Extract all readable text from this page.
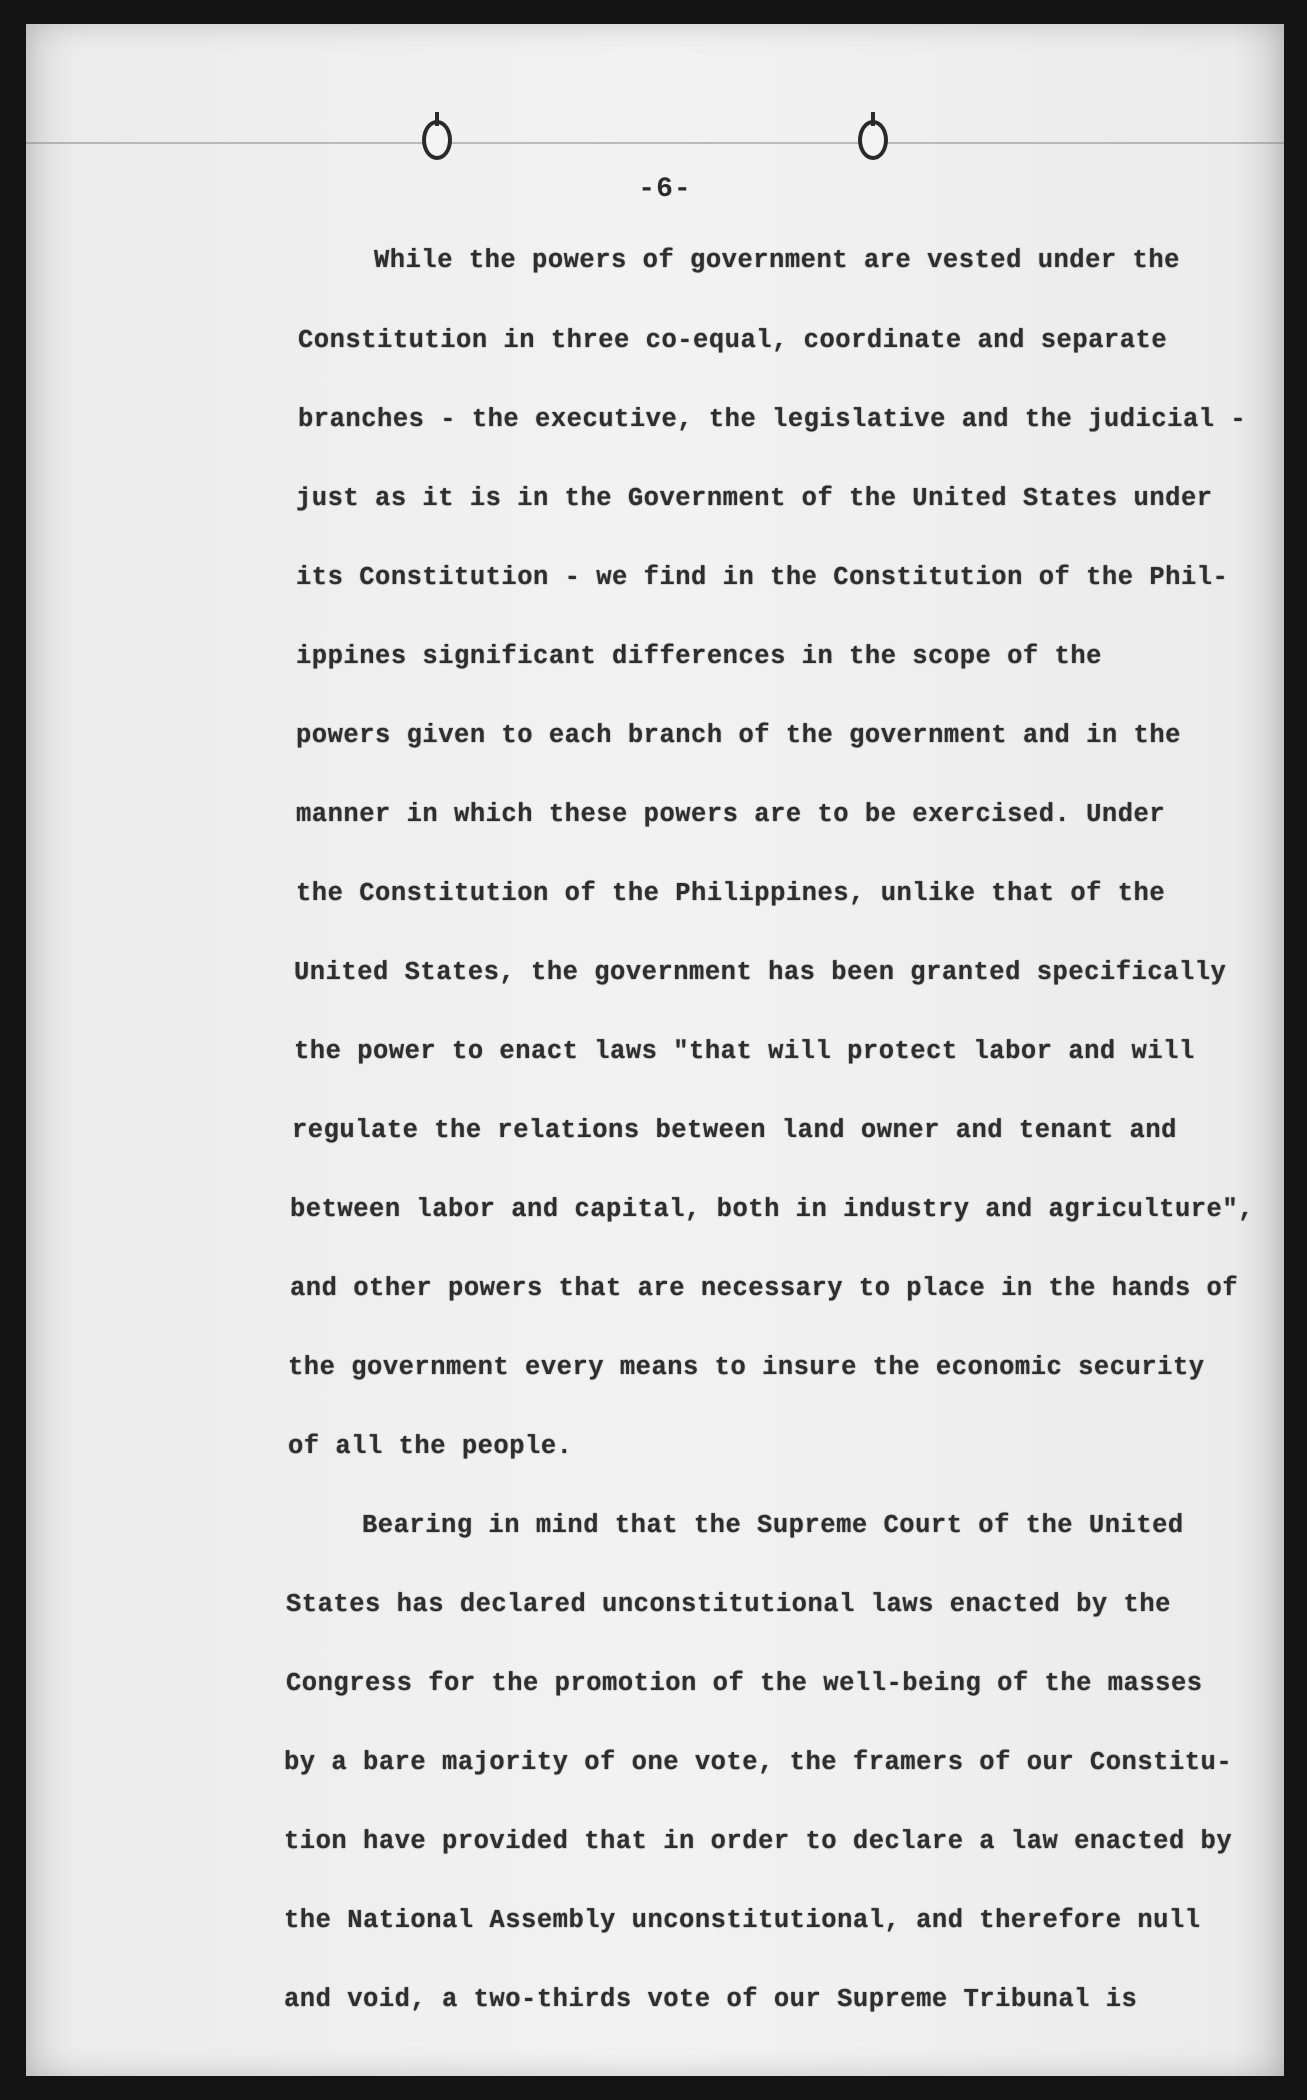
-6-
While the powers of government are vested under the
Constitution in three co-equal, coordinate and separate
branches - the executive, the legislative and the judicial -
just as it is in the Government of the United States under
its Constitution - we find in the Constitution of the Phil-
ippines significant differences in the scope of the
powers given to each branch of the government and in the
manner in which these powers are to be exercised. Under
the Constitution of the Philippines, unlike that of the
United States, the government has been granted specifically
the power to enact laws "that will protect labor and will
regulate the relations between land owner and tenant and
between labor and capital, both in industry and agriculture",
and other powers that are necessary to place in the hands of
the government every means to insure the economic security
of all the people.
Bearing in mind that the Supreme Court of the United
States has declared unconstitutional laws enacted by the
Congress for the promotion of the well-being of the masses
by a bare majority of one vote, the framers of our Constitu-
tion have provided that in order to declare a law enacted by
the National Assembly unconstitutional, and therefore null
and void, a two-thirds vote of our Supreme Tribunal is
